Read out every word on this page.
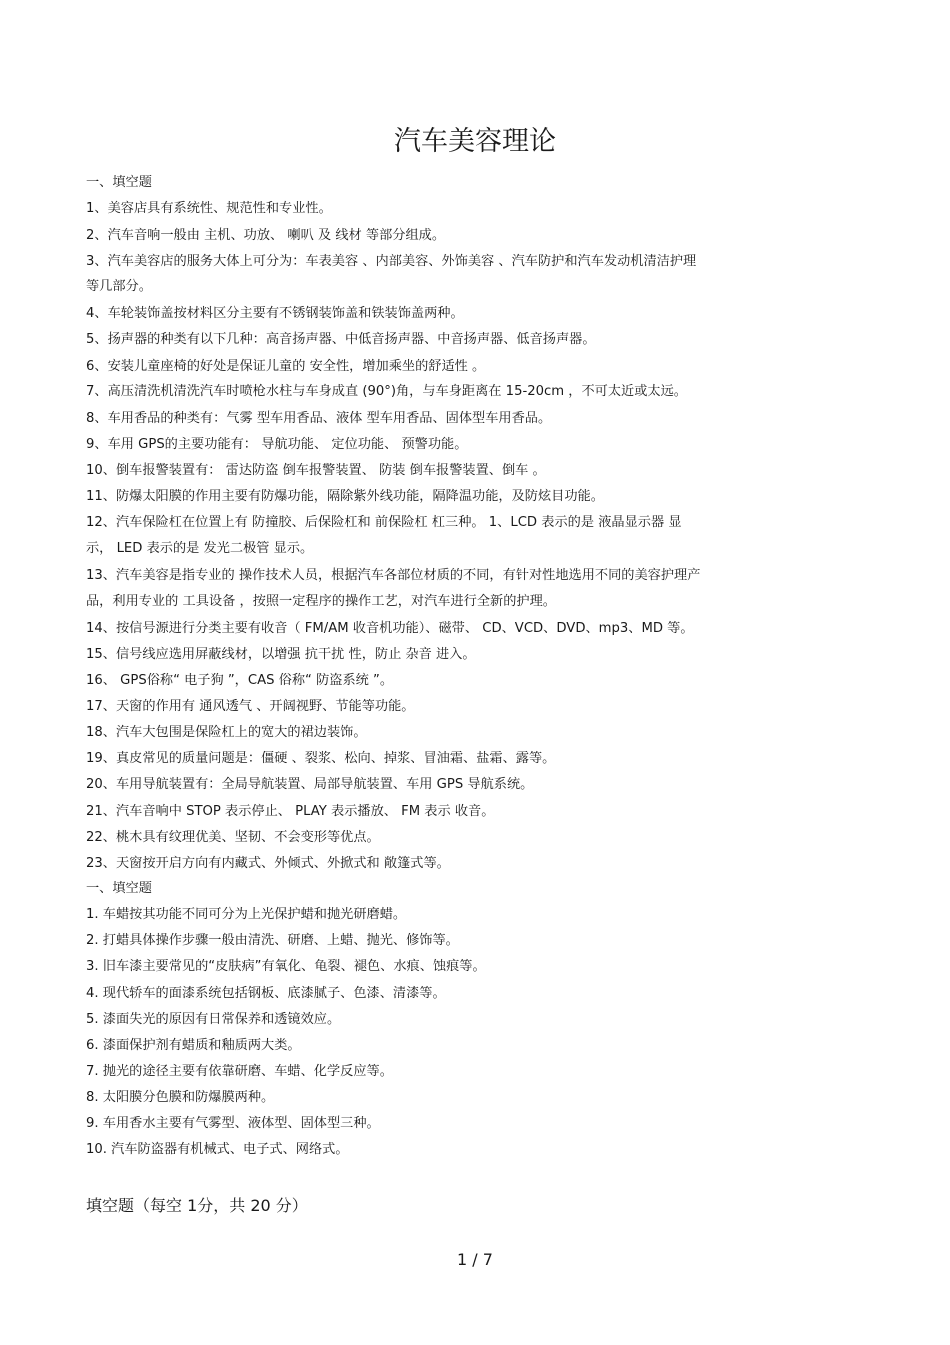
汽车美容理论
一、填空题
1、美容店具有系统性、规范性和专业性。
2、汽车音响一般由 主机、功放、 喇叭 及 线材 等部分组成。
3、汽车美容店的服务大体上可分为：车表美容 、内部美容、外饰美容 、汽车防护和汽车发动机清洁护理
等几部分。
4、车轮装饰盖按材料区分主要有不锈钢装饰盖和铁装饰盖两种。
5、扬声器的种类有以下几种：高音扬声器、中低音扬声器、中音扬声器、低音扬声器。
6、安装儿童座椅的好处是保证儿童的 安全性，增加乘坐的舒适性 。
7、高压清洗机清洗汽车时喷枪水柱与车身成直 (90°)角，与车身距离在 15-20cm ，不可太近或太远。
8、车用香品的种类有：气雾 型车用香品、液体 型车用香品、固体型车用香品。
9、车用 GPS的主要功能有： 导航功能、 定位功能、 预警功能。
10、倒车报警装置有： 雷达防盗 倒车报警装置、 防装 倒车报警装置、倒车 。
11、防爆太阳膜的作用主要有防爆功能，隔除紫外线功能，隔降温功能，及防炫目功能。
12、汽车保险杠在位置上有 防撞胶、后保险杠和 前保险杠 杠三种。 1、LCD 表示的是 液晶显示器 显
示， LED 表示的是 发光二极管 显示。
13、汽车美容是指专业的 操作技术人员，根据汽车各部位材质的不同，有针对性地选用不同的美容护理产
品，利用专业的 工具设备 ，按照一定程序的操作工艺，对汽车进行全新的护理。
14、按信号源进行分类主要有收音（ FM/AM 收音机功能）、磁带、 CD、VCD、DVD、mp3、MD 等。
15、信号线应选用屏蔽线材，以增强 抗干扰 性，防止 杂音 进入。
16、 GPS俗称“ 电子狗 ”，CAS 俗称“ 防盗系统 ”。
17、天窗的作用有 通风透气 、开阔视野、节能等功能。
18、汽车大包围是保险杠上的宽大的裙边装饰。
19、真皮常见的质量问题是：僵硬 、裂浆、松向、掉浆、冒油霜、盐霜、露等。
20、车用导航装置有：全局导航装置、局部导航装置、车用 GPS 导航系统。
21、汽车音响中 STOP 表示停止、 PLAY 表示播放、 FM 表示 收音。
22、桃木具有纹理优美、坚韧、不会变形等优点。
23、天窗按开启方向有内藏式、外倾式、外掀式和 敞篷式等。
一、填空题
1. 车蜡按其功能不同可分为上光保护蜡和抛光研磨蜡。
2. 打蜡具体操作步骤一般由清洗、研磨、上蜡、抛光、修饰等。
3. 旧车漆主要常见的“皮肤病”有氧化、龟裂、褪色、水痕、蚀痕等。
4. 现代轿车的面漆系统包括钢板、底漆腻子、色漆、清漆等。
5. 漆面失光的原因有日常保养和透镜效应。
6. 漆面保护剂有蜡质和釉质两大类。
7. 抛光的途径主要有依靠研磨、车蜡、化学反应等。
8. 太阳膜分色膜和防爆膜两种。
9. 车用香水主要有气雾型、液体型、固体型三种。
10. 汽车防盗器有机械式、电子式、网络式。
填空题（每空 1分，共 20 分）
1 / 7
